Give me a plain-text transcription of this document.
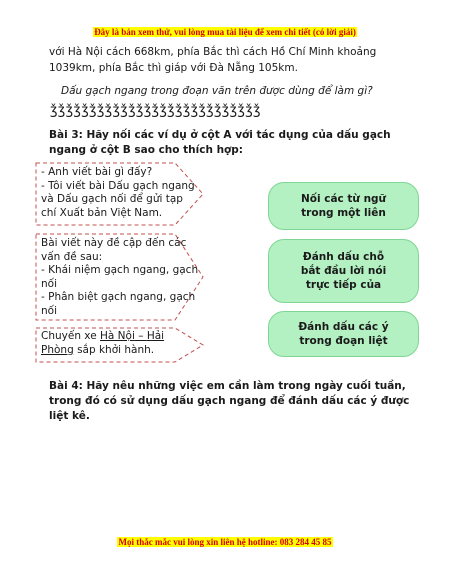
Đây là bản xem thử, vui lòng mua tài liệu để xem chi tiết (có lời giải)
với Hà Nội cách 668km, phía Bắc thì cách Hồ Chí Minh khoảng
1039km, phía Bắc thì giáp với Đà Nẵng 105km.
Dấu gạch ngang trong đoạn văn trên được dùng để làm gì?
ǯǯǯǯǯǯǯǯǯǯǯǯǯǯǯǯǯǯǯǯǯǯǯǯǯǯǯ
Bài 3: Hãy nối các ví dụ ở cột A với tác dụng của dấu gạch
ngang ở cột B sao cho thích hợp:
- Anh viết bài gì đấy?
- Tôi viết bài Dấu gạch ngang
và Dấu gạch nối để gửi tạp
chí Xuất bản Việt Nam.
Bài viết này đề cập đến các
vấn đề sau:
- Khái niệm gạch ngang, gạch
nối
- Phân biệt gạch ngang, gạch
nối
Chuyến xe Hà Nội – Hải
Phòng sắp khởi hành.
Nối các từ ngữ
trong một liên
Đánh dấu chỗ
bắt đầu lời nói
trực tiếp của
Đánh dấu các ý
trong đoạn liệt
Bài 4: Hãy nêu những việc em cần làm trong ngày cuối tuần,
trong đó có sử dụng dấu gạch ngang để đánh dấu các ý được
liệt kê.
Mọi thắc mắc vui lòng xin liên hệ hotline: 083 284 45 85
